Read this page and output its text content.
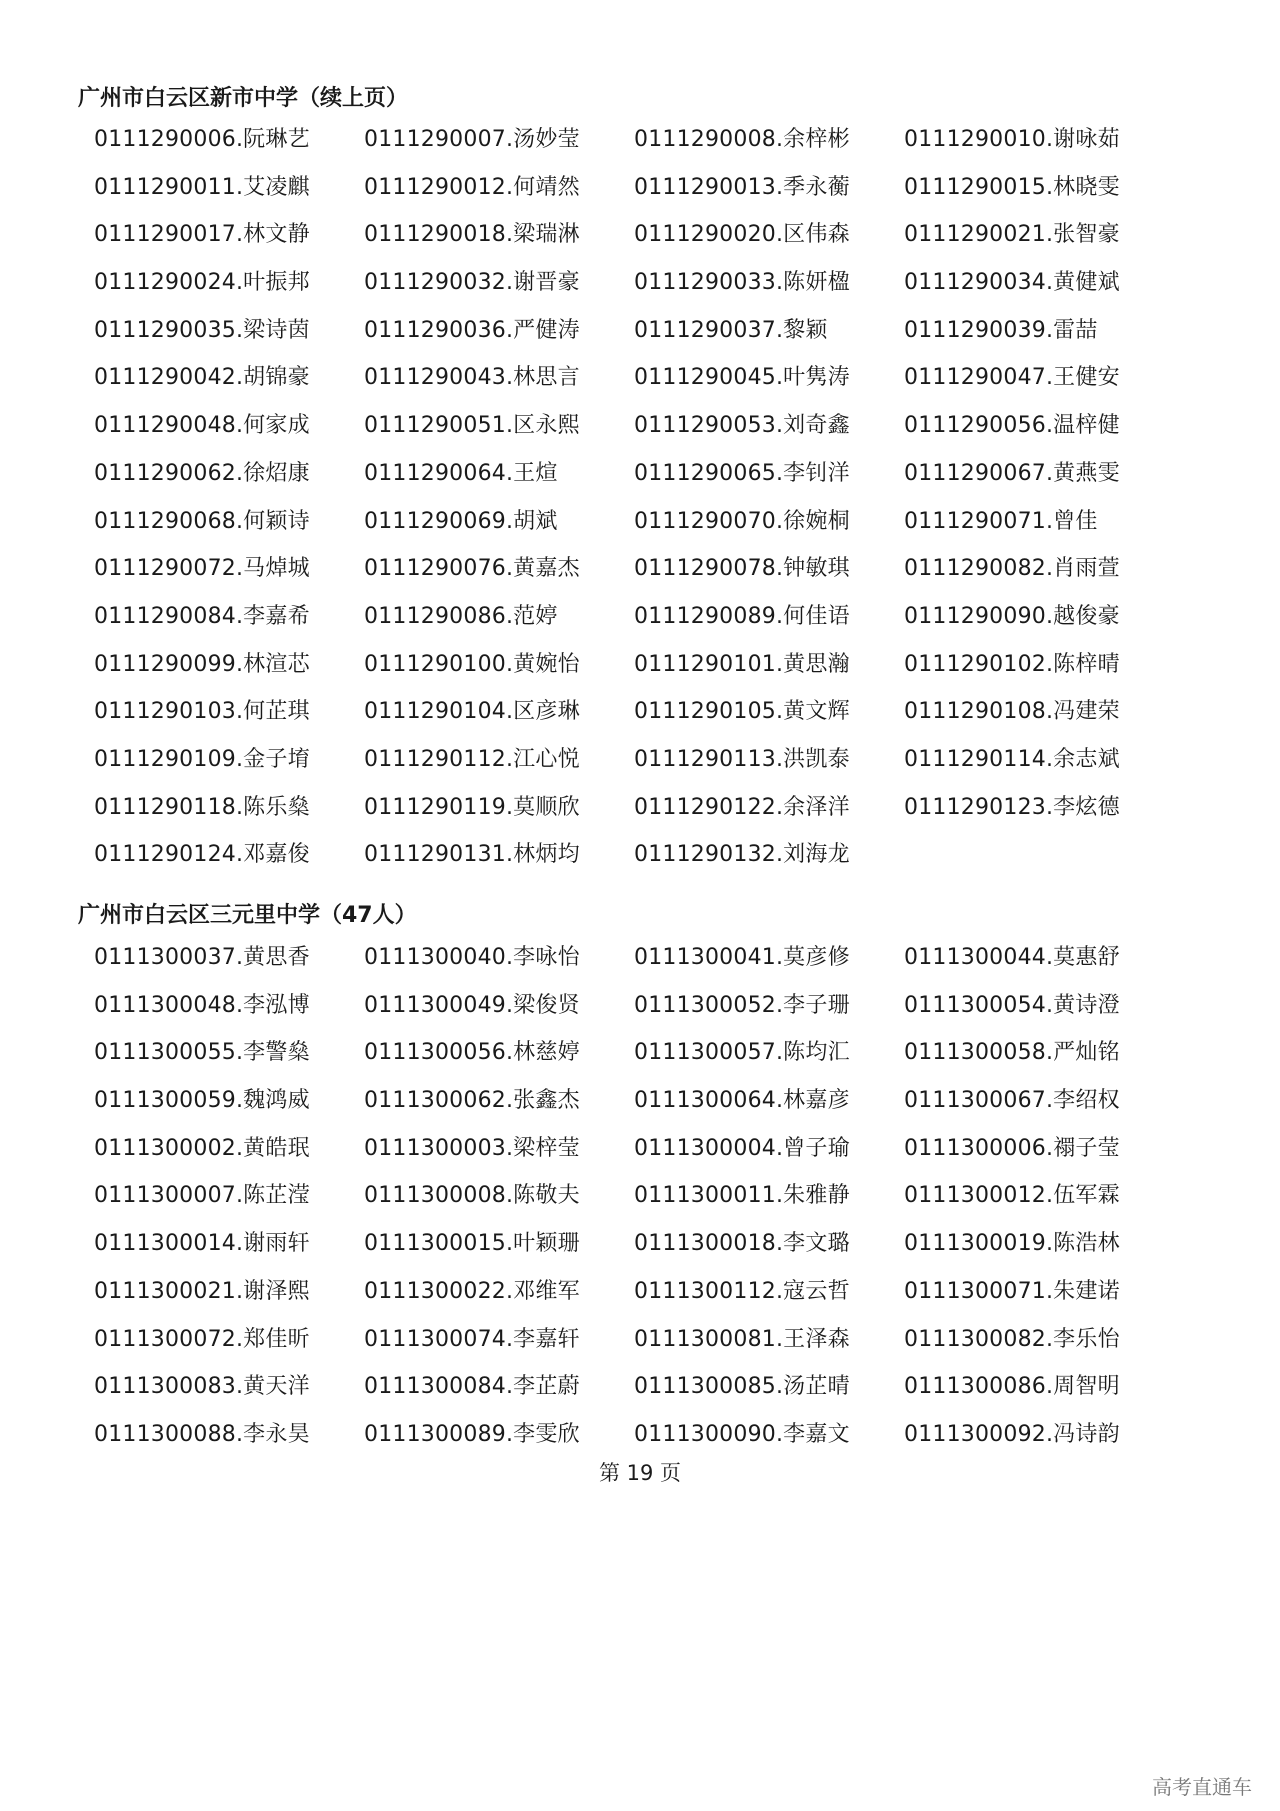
广州市白云区新市中学（续上页）
0111290006.阮琳艺	0111290007.汤妙莹	0111290008.余梓彬	0111290010.谢咏茹
0111290011.艾凌麒	0111290012.何靖然	0111290013.季永蘅	0111290015.林晓雯
0111290017.林文静	0111290018.梁瑞淋	0111290020.区伟森	0111290021.张智豪
0111290024.叶振邦	0111290032.谢晋豪	0111290033.陈妍楹	0111290034.黄健斌
0111290035.梁诗茵	0111290036.严健涛	0111290037.黎颖	0111290039.雷喆
0111290042.胡锦豪	0111290043.林思言	0111290045.叶隽涛	0111290047.王健安
0111290048.何家成	0111290051.区永熙	0111290053.刘奇鑫	0111290056.温梓健
0111290062.徐炤康	0111290064.王煊	0111290065.李钊洋	0111290067.黄燕雯
0111290068.何颖诗	0111290069.胡斌	0111290070.徐婉桐	0111290071.曾佳
0111290072.马焯城	0111290076.黄嘉杰	0111290078.钟敏琪	0111290082.肖雨萱
0111290084.李嘉希	0111290086.范婷	0111290089.何佳语	0111290090.越俊豪
0111290099.林渲芯	0111290100.黄婉怡	0111290101.黄思瀚	0111290102.陈梓晴
0111290103.何芷琪	0111290104.区彦琳	0111290105.黄文辉	0111290108.冯建荣
0111290109.金子堉	0111290112.江心悦	0111290113.洪凯泰	0111290114.余志斌
0111290118.陈乐燊	0111290119.莫顺欣	0111290122.余泽洋	0111290123.李炫德
0111290124.邓嘉俊	0111290131.林炳均	0111290132.刘海龙
广州市白云区三元里中学（47人）
0111300037.黄思香	0111300040.李咏怡	0111300041.莫彦修	0111300044.莫惠舒
0111300048.李泓博	0111300049.梁俊贤	0111300052.李子珊	0111300054.黄诗澄
0111300055.李警燊	0111300056.林慈婷	0111300057.陈均汇	0111300058.严灿铭
0111300059.魏鸿威	0111300062.张鑫杰	0111300064.林嘉彦	0111300067.李绍权
0111300002.黄皓珉	0111300003.梁梓莹	0111300004.曾子瑜	0111300006.禤子莹
0111300007.陈芷滢	0111300008.陈敬夫	0111300011.朱雅静	0111300012.伍军霖
0111300014.谢雨轩	0111300015.叶颖珊	0111300018.李文璐	0111300019.陈浩林
0111300021.谢泽熙	0111300022.邓维军	0111300112.寇云哲	0111300071.朱建诺
0111300072.郑佳昕	0111300074.李嘉轩	0111300081.王泽森	0111300082.李乐怡
0111300083.黄天洋	0111300084.李芷蔚	0111300085.汤芷晴	0111300086.周智明
0111300088.李永昊	0111300089.李雯欣	0111300090.李嘉文	0111300092.冯诗韵
第 19 页
高考直通车
